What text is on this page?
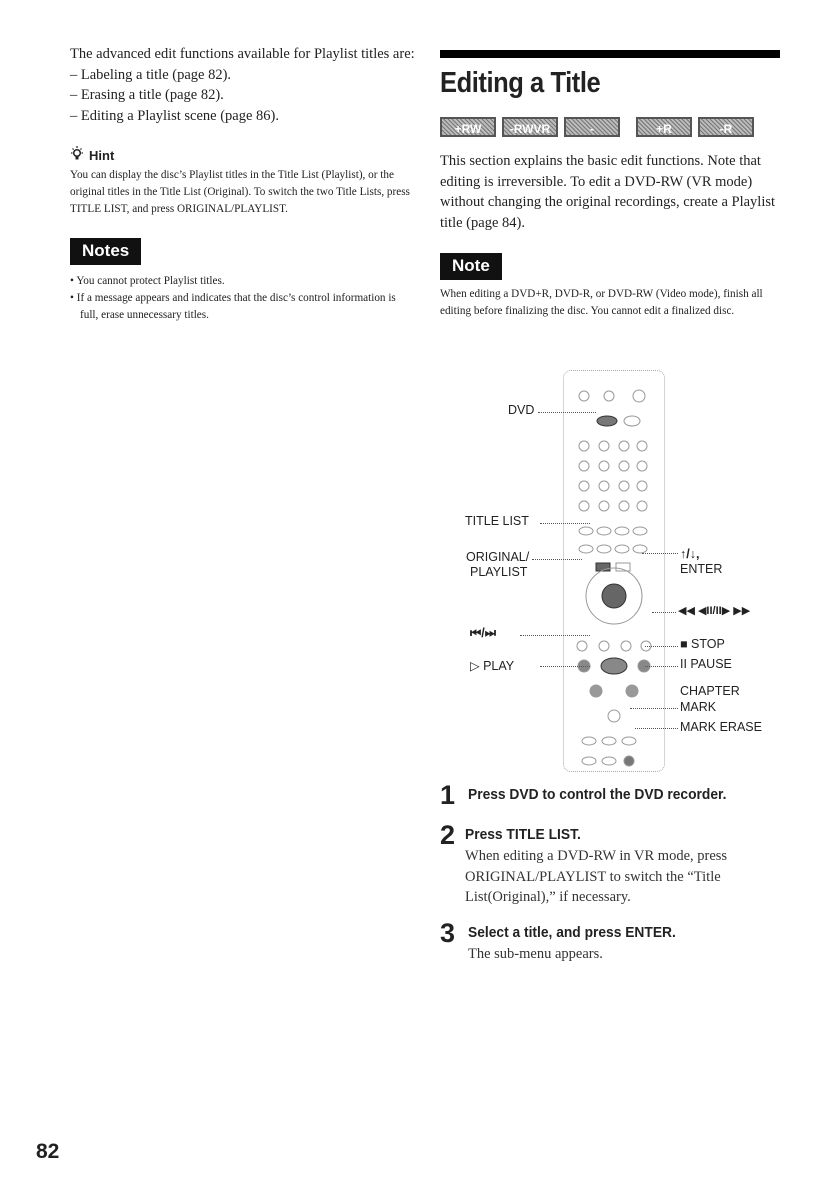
The advanced edit functions available for Playlist titles are:
– Labeling a title (page 82).
– Erasing a title (page 82).
– Editing a Playlist scene (page 86).
Hint
You can display the disc’s Playlist titles in the Title List (Playlist), or the original titles in the Title List (Original). To switch the two Title Lists, press TITLE LIST, and press ORIGINAL/PLAYLIST.
Notes
• You cannot protect Playlist titles.
• If a message appears and indicates that the disc’s control information is full, erase unnecessary titles.
Editing a Title
+RW	-RWVR	-RWVideo
+R	-R
This section explains the basic edit functions. Note that editing is irreversible. To edit a DVD-RW (VR mode) without changing the original recordings, create a Playlist title (page 84).
Note
When editing a DVD+R, DVD-R, or DVD-RW (Video mode), finish all editing before finalizing the disc. You cannot edit a finalized disc.
DVD
TITLE LIST
ORIGINAL/
PLAYLIST
↑/↓,
ENTER
◀◀ ◀II/II▶ ▶▶
⏮/⏭
■ STOP
▷ PLAY	II PAUSE
CHAPTER
MARK
MARK ERASE
1 Press DVD to control the DVD recorder.
2 Press TITLE LIST.
When editing a DVD-RW in VR mode, press ORIGINAL/PLAYLIST to switch the “Title List(Original),” if necessary.
3 Select a title, and press ENTER.
The sub-menu appears.
82
